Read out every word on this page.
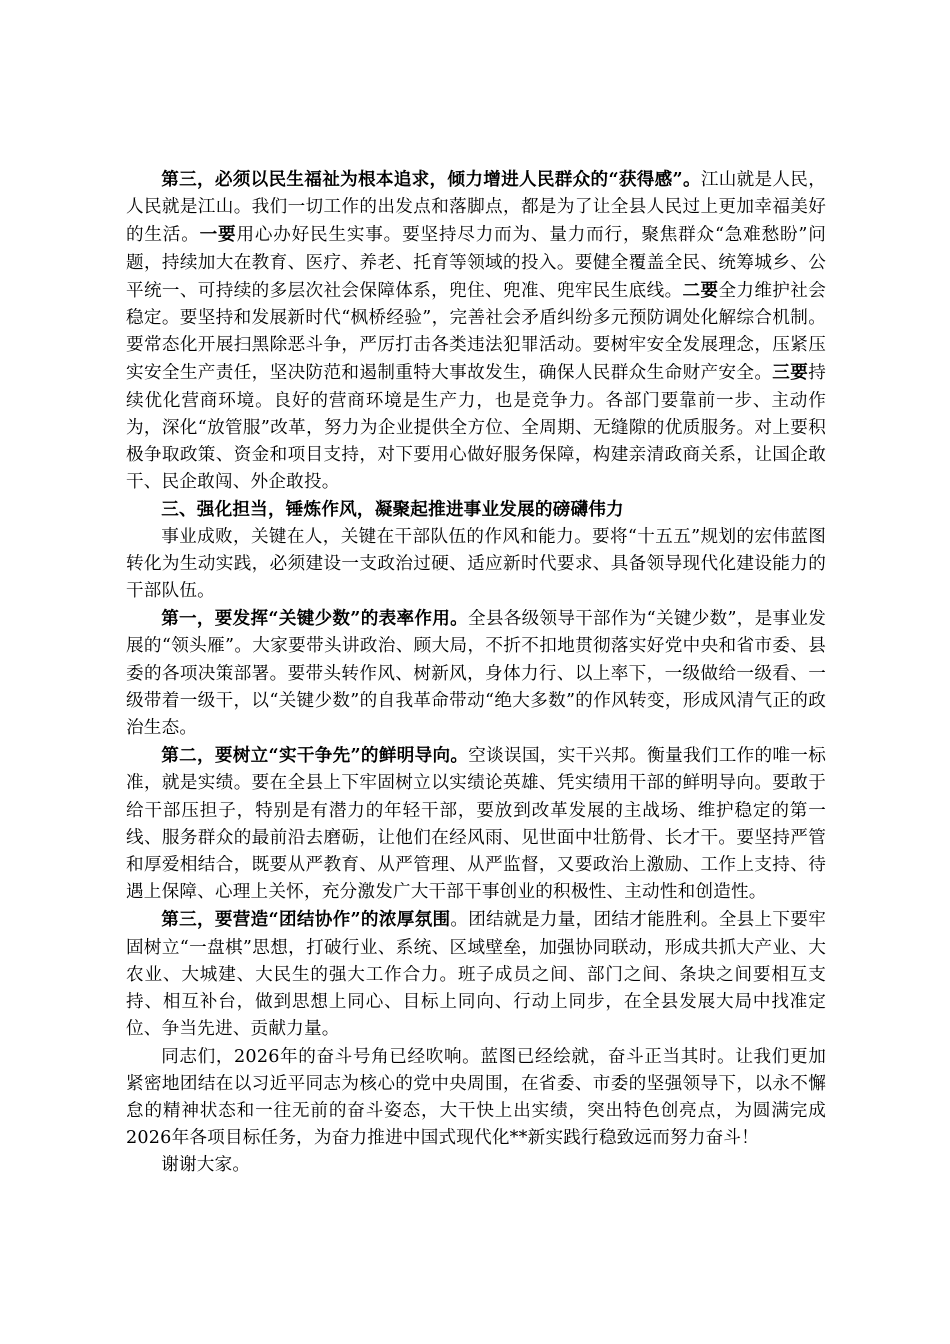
第三，必须以民生福祉为根本追求，倾力增进人民群众的“获得感”。江山就是人民，人民就是江山。我们一切工作的出发点和落脚点，都是为了让全县人民过上更加幸福美好的生活。一要用心办好民生实事。要坚持尽力而为、量力而行，聚焦群众“急难愁盼”问题，持续加大在教育、医疗、养老、托育等领域的投入。要健全覆盖全民、统筹城乡、公平统一、可持续的多层次社会保障体系，兜住、兜准、兜牢民生底线。二要全力维护社会稳定。要坚持和发展新时代“枫桥经验”，完善社会矛盾纠纷多元预防调处化解综合机制。要常态化开展扫黑除恶斗争，严厉打击各类违法犯罪活动。要树牢安全发展理念，压紧压实安全生产责任，坚决防范和遏制重特大事故发生，确保人民群众生命财产安全。三要持续优化营商环境。良好的营商环境是生产力，也是竞争力。各部门要靠前一步、主动作为，深化“放管服”改革，努力为企业提供全方位、全周期、无缝隙的优质服务。对上要积极争取政策、资金和项目支持，对下要用心做好服务保障，构建亲清政商关系，让国企敢干、民企敢闯、外企敢投。

三、强化担当，锤炼作风，凝聚起推进事业发展的磅礴伟力

事业成败，关键在人，关键在干部队伍的作风和能力。要将“十五五”规划的宏伟蓝图转化为生动实践，必须建设一支政治过硬、适应新时代要求、具备领导现代化建设能力的干部队伍。

第一，要发挥“关键少数”的表率作用。全县各级领导干部作为“关键少数”，是事业发展的“领头雁”。大家要带头讲政治、顾大局，不折不扣地贯彻落实好党中央和省市委、县委的各项决策部署。要带头转作风、树新风，身体力行、以上率下，一级做给一级看、一级带着一级干，以“关键少数”的自我革命带动“绝大多数”的作风转变，形成风清气正的政治生态。

第二，要树立“实干争先”的鲜明导向。空谈误国，实干兴邦。衡量我们工作的唯一标准，就是实绩。要在全县上下牢固树立以实绩论英雄、凭实绩用干部的鲜明导向。要敢于给干部压担子，特别是有潜力的年轻干部，要放到改革发展的主战场、维护稳定的第一线、服务群众的最前沿去磨砺，让他们在经风雨、见世面中壮筋骨、长才干。要坚持严管和厚爱相结合，既要从严教育、从严管理、从严监督，又要政治上激励、工作上支持、待遇上保障、心理上关怀，充分激发广大干部干事创业的积极性、主动性和创造性。

第三，要营造“团结协作”的浓厚氛围。团结就是力量，团结才能胜利。全县上下要牢固树立“一盘棋”思想，打破行业、系统、区域壁垒，加强协同联动，形成共抓大产业、大农业、大城建、大民生的强大工作合力。班子成员之间、部门之间、条块之间要相互支持、相互补台，做到思想上同心、目标上同向、行动上同步，在全县发展大局中找准定位、争当先进、贡献力量。

同志们，2026年的奋斗号角已经吹响。蓝图已经绘就，奋斗正当其时。让我们更加紧密地团结在以习近平同志为核心的党中央周围，在省委、市委的坚强领导下，以永不懈怠的精神状态和一往无前的奋斗姿态，大干快上出实绩，突出特色创亮点，为圆满完成2026年各项目标任务，为奋力推进中国式现代化**新实践行稳致远而努力奋斗！

谢谢大家。
